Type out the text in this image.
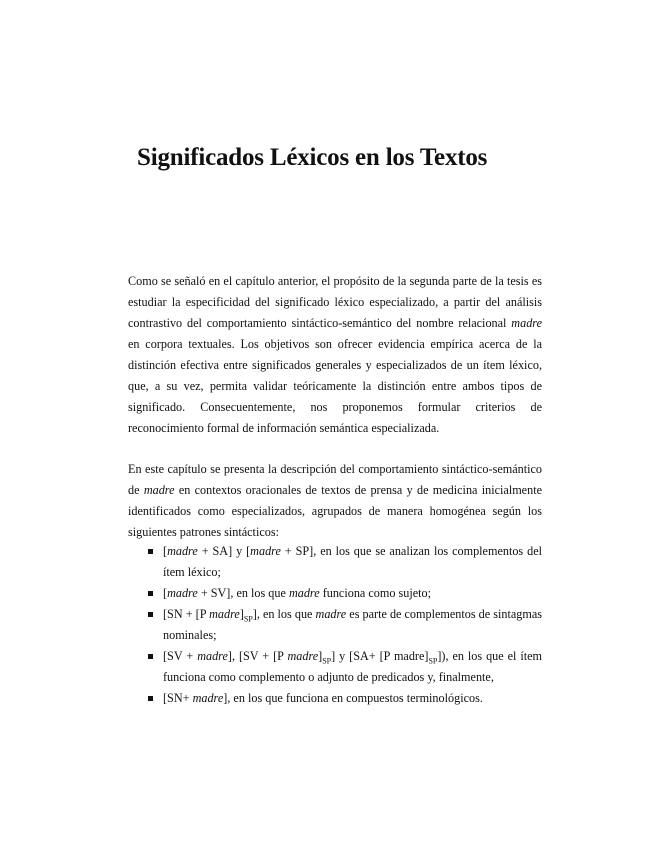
Significados Léxicos en los Textos

Como se señaló en el capítulo anterior, el propósito de la segunda parte de la tesis es estudiar la especificidad del significado léxico especializado, a partir del análisis contrastivo del comportamiento sintáctico-semántico del nombre relacional madre en corpora textuales. Los objetivos son ofrecer evidencia empírica acerca de la distinción efectiva entre significados generales y especializados de un ítem léxico, que, a su vez, permita validar teóricamente la distinción entre ambos tipos de significado. Consecuentemente, nos proponemos formular criterios de reconocimiento formal de información semántica especializada.

En este capítulo se presenta la descripción del comportamiento sintáctico-semántico de madre en contextos oracionales de textos de prensa y de medicina inicialmente identificados como especializados, agrupados de manera homogénea según los siguientes patrones sintácticos:

[madre + SA] y [madre + SP], en los que se analizan los complementos del ítem léxico;
[madre + SV], en los que madre funciona como sujeto;
[SN + [P $madre]_{SP}$], en los que madre es parte de complementos de sintagmas nominales;
[SV + madre], [SV + [P $madre]_{SP}$] y [SA+ [P $madre]_{SP}$]), en los que el ítem funciona como complemento o adjunto de predicados y, finalmente,
[SN+ madre], en los que funciona en compuestos terminológicos.
